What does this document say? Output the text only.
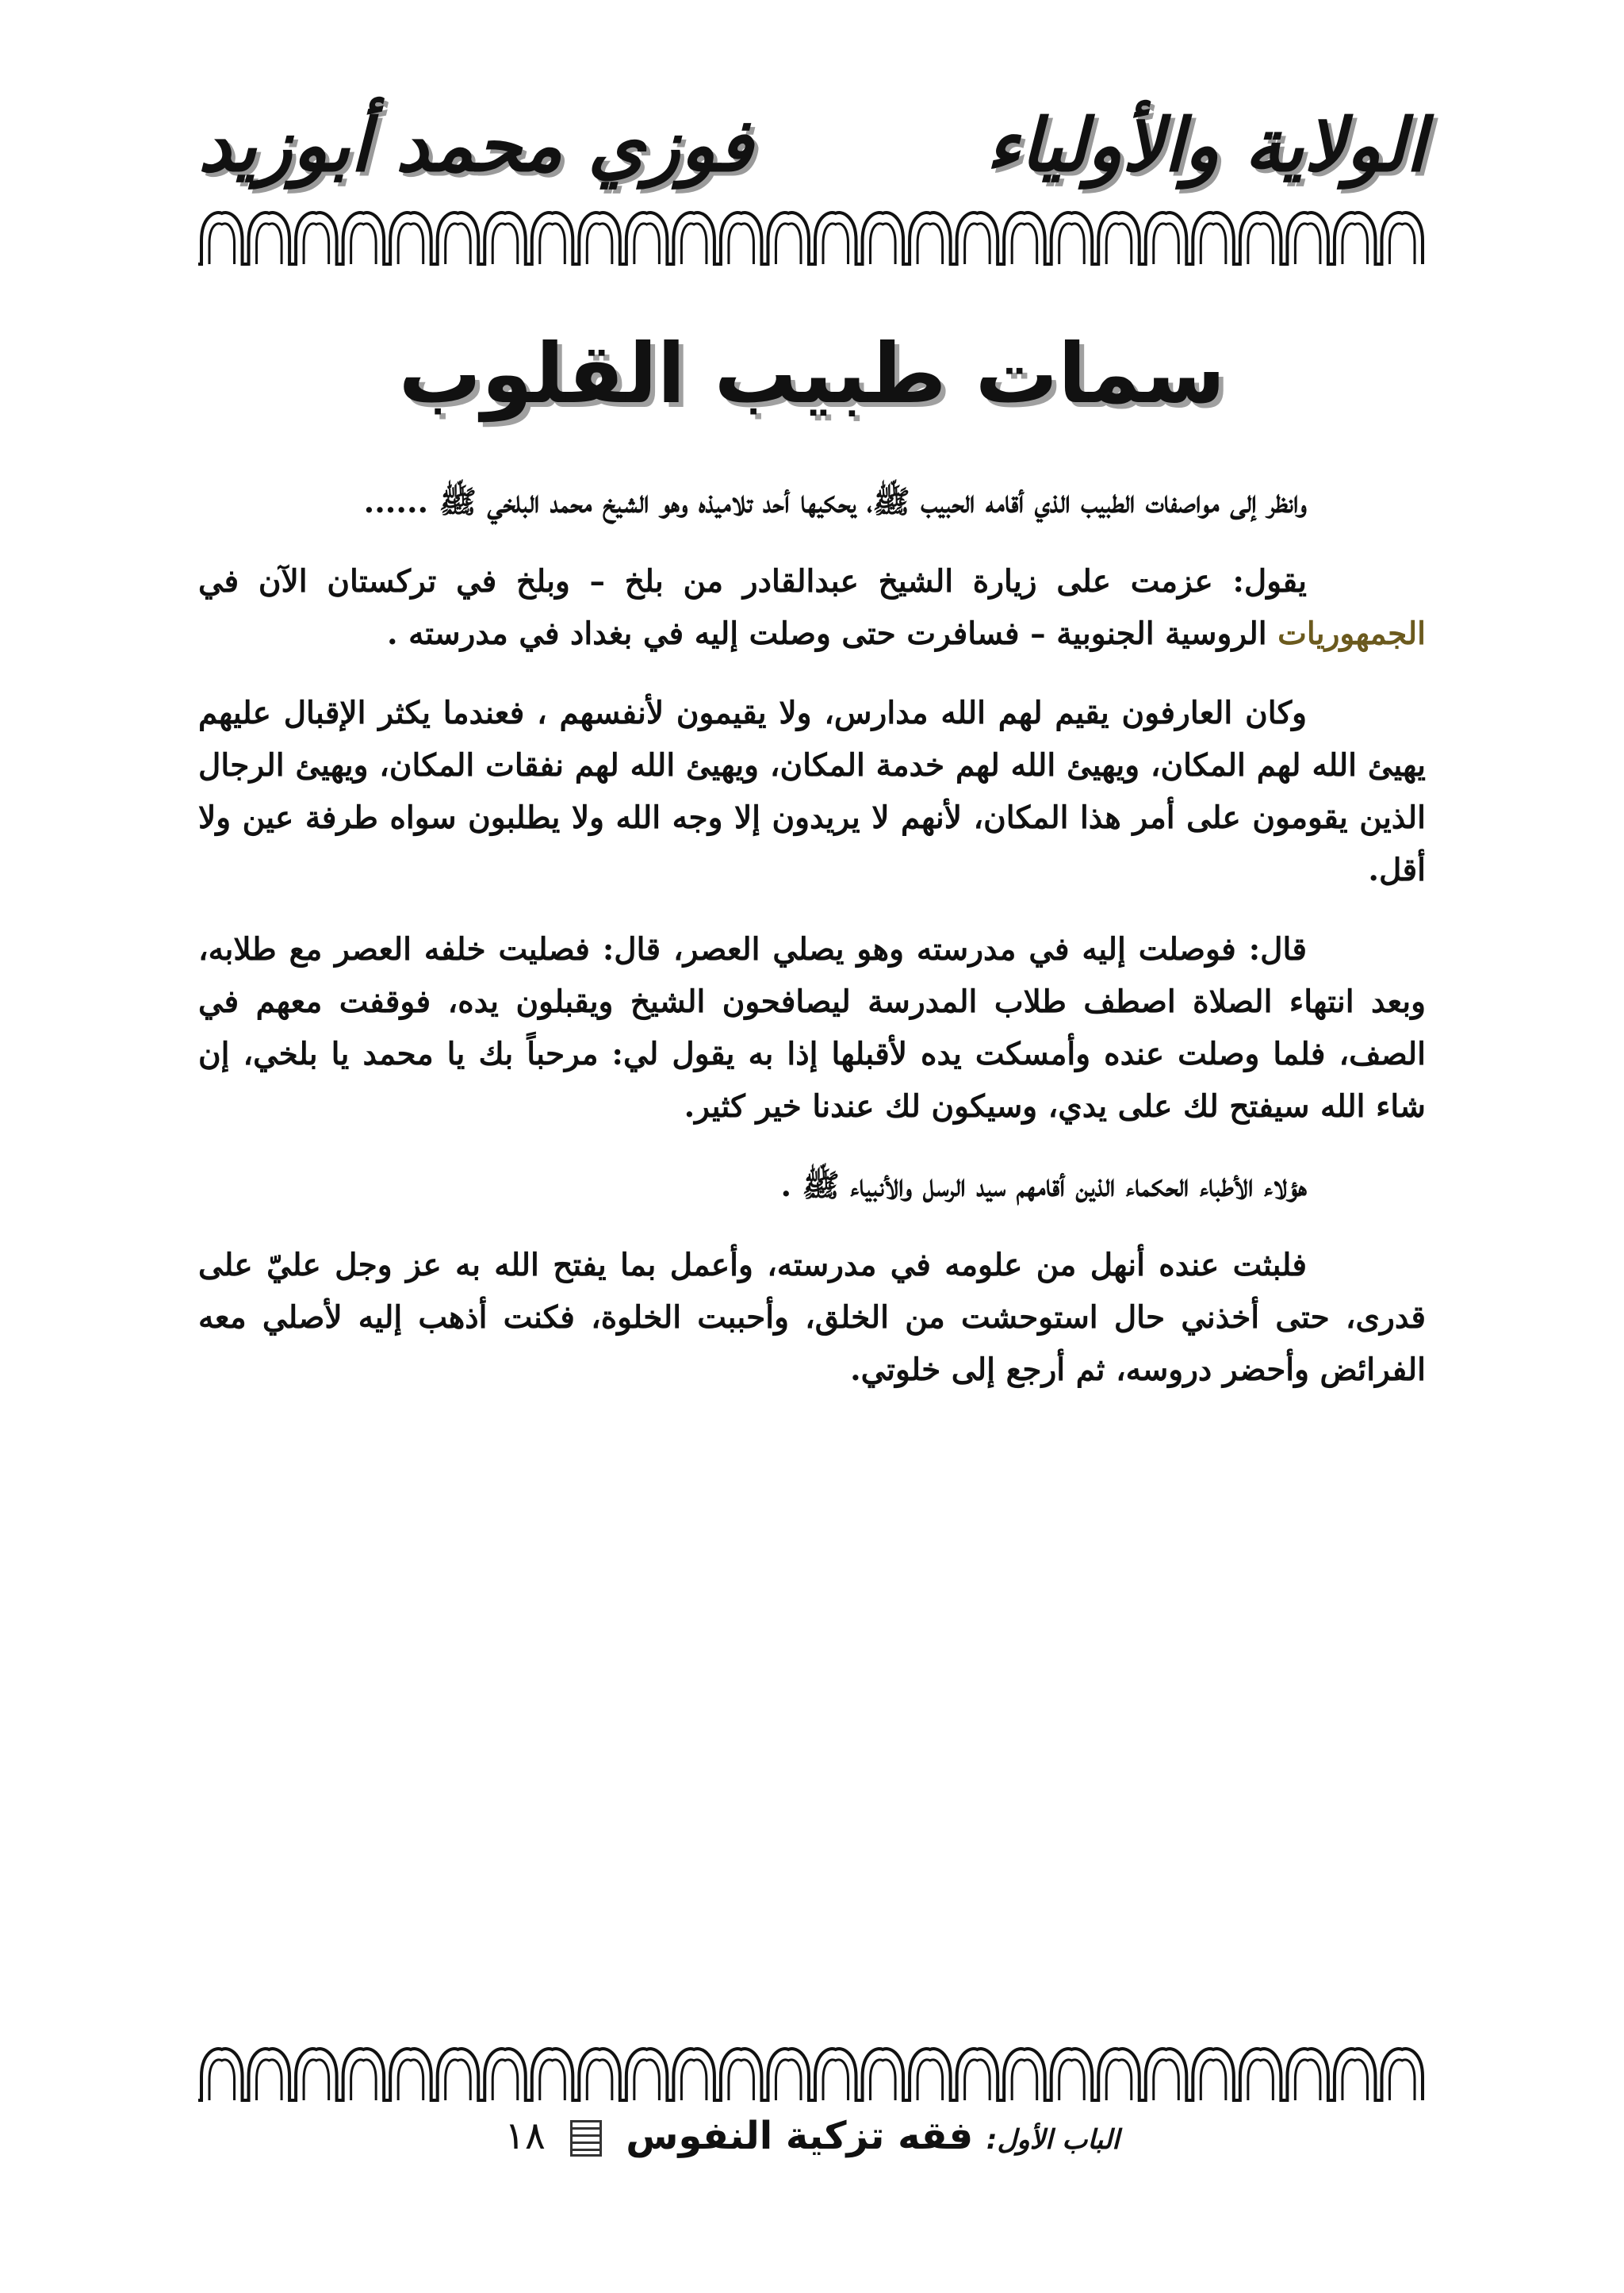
الولاية والأولياء
فوزي محمد أبوزيد
سمات طبيب القلوب

وانظر إلى مواصفات الطبيب الذي أقامه الحبيب ﷺ، يحكيها أحد تلاميذه وهو الشيخ محمد البلخي ﷺ ......

يقول: عزمت على زيارة الشيخ عبدالقادر من بلخ – وبلخ في تركستان الآن في الجمهوريات الروسية الجنوبية – فسافرت حتى وصلت إليه في بغداد في مدرسته .

وكان العارفون يقيم لهم الله مدارس، ولا يقيمون لأنفسهم ، فعندما يكثر الإقبال عليهم يهيئ الله لهم المكان، ويهيئ الله لهم خدمة المكان، ويهيئ الله لهم نفقات المكان، ويهيئ الرجال الذين يقومون على أمر هذا المكان، لأنهم لا يريدون إلا وجه الله ولا يطلبون سواه طرفة عين ولا أقل.

قال: فوصلت إليه في مدرسته وهو يصلي العصر، قال: فصليت خلفه العصر مع طلابه، وبعد انتهاء الصلاة اصطف طلاب المدرسة ليصافحون الشيخ ويقبلون يده، فوقفت معهم في الصف، فلما وصلت عنده وأمسكت يده لأقبلها إذا به يقول لي: مرحباً بك يا محمد يا بلخي، إن شاء الله سيفتح لك على يدي، وسيكون لك عندنا خير كثير.

هؤلاء الأطباء الحكماء الذين أقامهم سيد الرسل والأنبياء ﷺ .

فلبثت عنده أنهل من علومه في مدرسته، وأعمل بما يفتح الله به عز وجل عليّ على قدرى، حتى أخذني حال استوحشت من الخلق، وأحببت الخلوة، فكنت أذهب إليه لأصلي معه الفرائض وأحضر دروسه، ثم أرجع إلى خلوتي.

الباب الأول: فقه تزكية النفوس  ١٨
